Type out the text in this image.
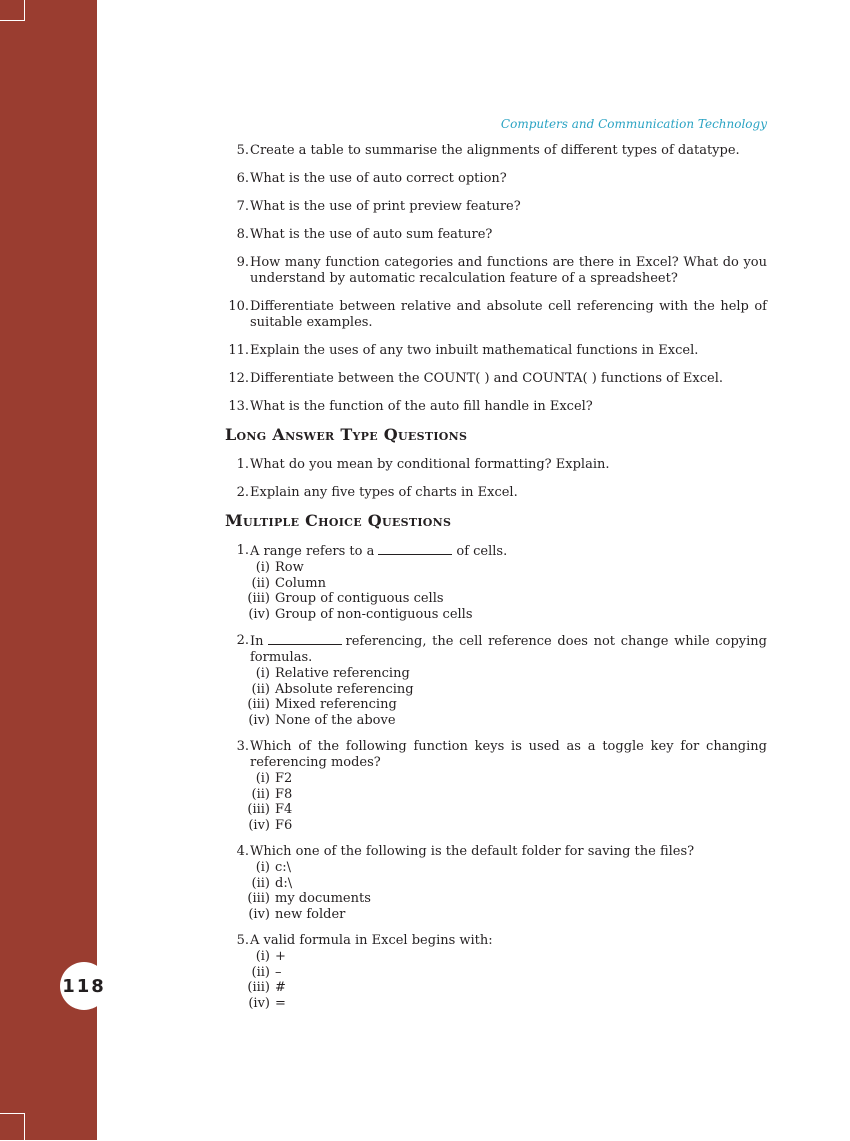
118
Computers and Communication Technology
5. Create a table to summarise the alignments of different types of datatype.
6. What is the use of auto correct option?
7. What is the use of print preview feature?
8. What is the use of auto sum feature?
9. How many function categories and functions are there in Excel? What do you understand by automatic recalculation feature of a spreadsheet?
10. Differentiate between relative and absolute cell referencing with the help of suitable examples.
11. Explain the uses of any two inbuilt mathematical functions in Excel.
12. Differentiate between the COUNT( ) and COUNTA( ) functions of Excel.
13. What is the function of the auto fill handle in Excel?
Long Answer Type Questions
1. What do you mean by conditional formatting? Explain.
2. Explain any five types of charts in Excel.
Multiple Choice Questions
1. A range refers to a	of cells.
(i) Row
(ii) Column
(iii) Group of contiguous cells
(iv) Group of non-contiguous cells
2. In	referencing, the cell reference does not change while copying formulas.
(i) Relative referencing
(ii) Absolute referencing
(iii) Mixed referencing
(iv) None of the above
3. Which of the following function keys is used as a toggle key for changing referencing modes?
(i) F2
(ii) F8
(iii) F4
(iv) F6
4. Which one of the following is the default folder for saving the files?
(i) c:\
(ii) d:\
(iii) my documents
(iv) new folder
5. A valid formula in Excel begins with:
(i) +
(ii) –
(iii) #
(iv) =
